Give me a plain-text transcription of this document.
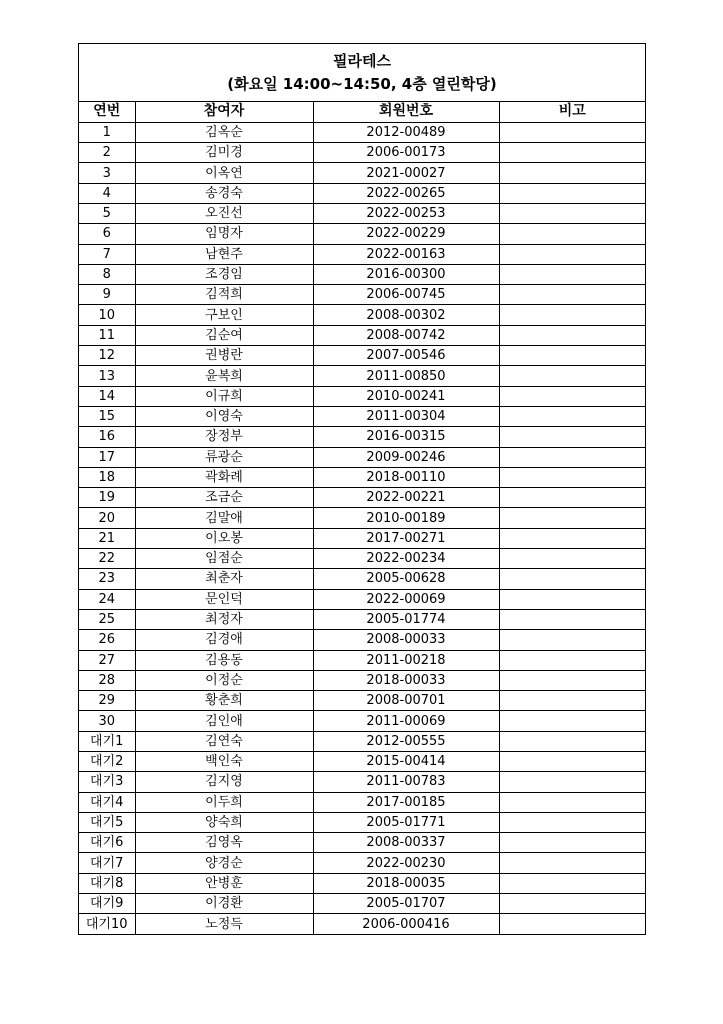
필라테스
(화요일 14:00~14:50, 4층 열린학당)
연번	참여자	회원번호	비고
1	김옥순	2012-00489	
2	김미경	2006-00173	
3	이옥연	2021-00027	
4	송경숙	2022-00265	
5	오진선	2022-00253	
6	임명자	2022-00229	
7	남현주	2022-00163	
8	조경임	2016-00300	
9	김적희	2006-00745	
10	구보인	2008-00302	
11	김순여	2008-00742	
12	권병란	2007-00546	
13	윤복희	2011-00850	
14	이규희	2010-00241	
15	이영숙	2011-00304	
16	장정부	2016-00315	
17	류광순	2009-00246	
18	곽화례	2018-00110	
19	조금순	2022-00221	
20	김말애	2010-00189	
21	이오봉	2017-00271	
22	임점순	2022-00234	
23	최춘자	2005-00628	
24	문인덕	2022-00069	
25	최정자	2005-01774	
26	김경애	2008-00033	
27	김용동	2011-00218	
28	이정순	2018-00033	
29	황춘희	2008-00701	
30	김인애	2011-00069	
대기1	김연숙	2012-00555	
대기2	백인숙	2015-00414	
대기3	김지영	2011-00783	
대기4	이두희	2017-00185	
대기5	양숙희	2005-01771	
대기6	김영옥	2008-00337	
대기7	양경순	2022-00230	
대기8	안병훈	2018-00035	
대기9	이경환	2005-01707	
대기10	노정득	2006-000416	
